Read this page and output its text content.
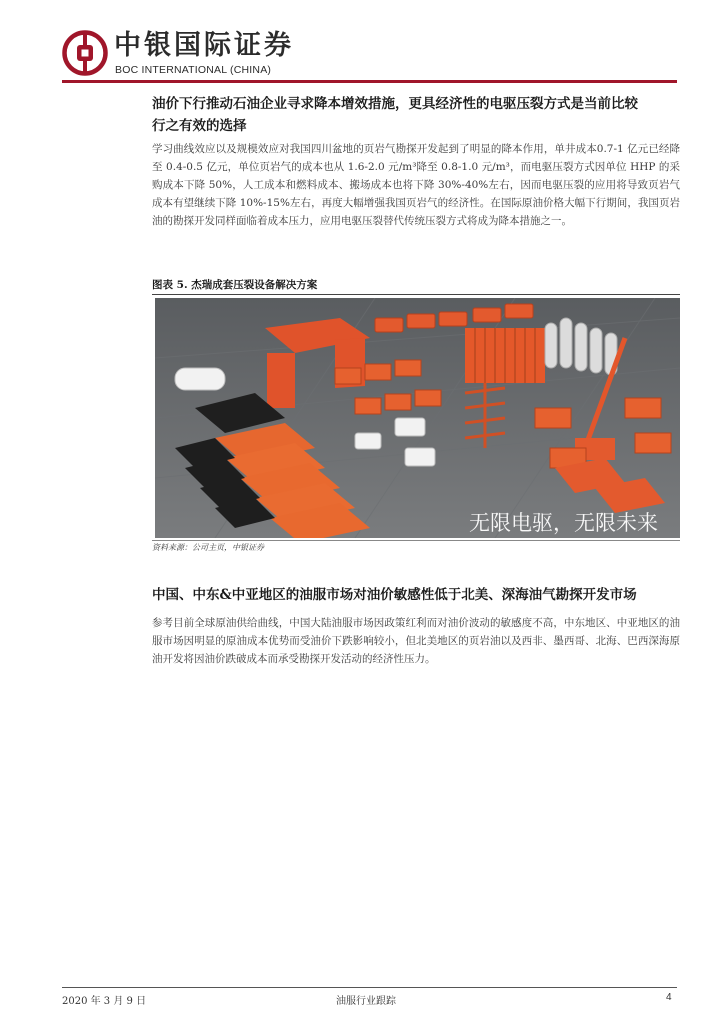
中银国际证券
BOC INTERNATIONAL (CHINA)
油价下行推动石油企业寻求降本增效措施，更具经济性的电驱压裂方式是当前比较
行之有效的选择

学习曲线效应以及规模效应对我国四川盆地的页岩气勘探开发起到了明显的降本作用，单井成本0.7-1 亿元已经降至 0.4-0.5 亿元，单位页岩气的成本也从 1.6-2.0 元/m³降至 0.8-1.0 元/m³，而电驱压裂方式因单位 HHP 的采购成本下降 50%，人工成本和燃料成本、搬场成本也将下降 30%-40%左右，因而电驱压裂的应用将导致页岩气成本有望继续下降 10%-15%左右，再度大幅增强我国页岩气的经济性。在国际原油价格大幅下行期间，我国页岩油的勘探开发同样面临着成本压力，应用电驱压裂替代传统压裂方式将成为降本措施之一。

图表 5. 杰瑞成套压裂设备解决方案
无限电驱，无限未来
资料来源：公司主页，中银证券
中国、中东&中亚地区的油服市场对油价敏感性低于北美、深海油气勘探开发市场

参考目前全球原油供给曲线，中国大陆油服市场因政策红利而对油价波动的敏感度不高，中东地区、中亚地区的油服市场因明显的原油成本优势而受油价下跌影响较小，但北美地区的页岩油以及西非、墨西哥、北海、巴西深海原油开发将因油价跌破成本而承受勘探开发活动的经济性压力。

2020 年 3 月 9 日	油服行业跟踪	4
